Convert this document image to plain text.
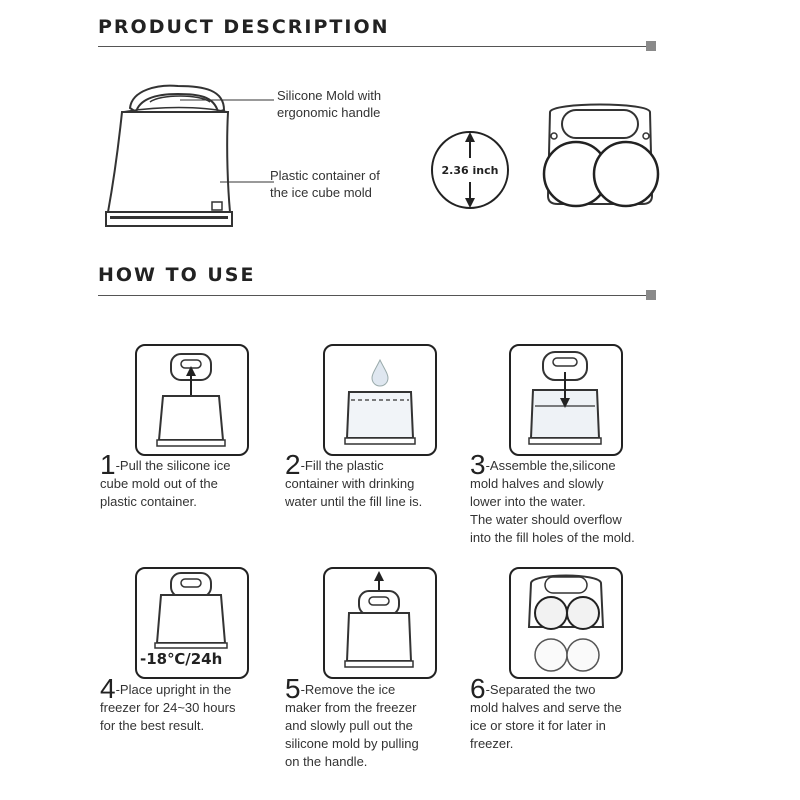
PRODUCT DESCRIPTION
Silicone Mold with
ergonomic handle
Plastic container of
the ice cube mold
2.36 inch
HOW TO USE
1-Pull the silicone ice
cube mold out of the
plastic container.
2-Fill the plastic
container with drinking
water until the fill line is.
3-Assemble the,silicone
mold halves and slowly
lower into the water.
The water should overflow
into the fill holes of the mold.
-18℃/24h
4-Place upright in the
freezer for 24~30 hours
for the best result.
5-Remove the ice
maker from the freezer
and slowly pull out the
silicone mold by pulling
on the handle.
6-Separated the two
mold halves and serve the
ice or store it for later in
freezer.
